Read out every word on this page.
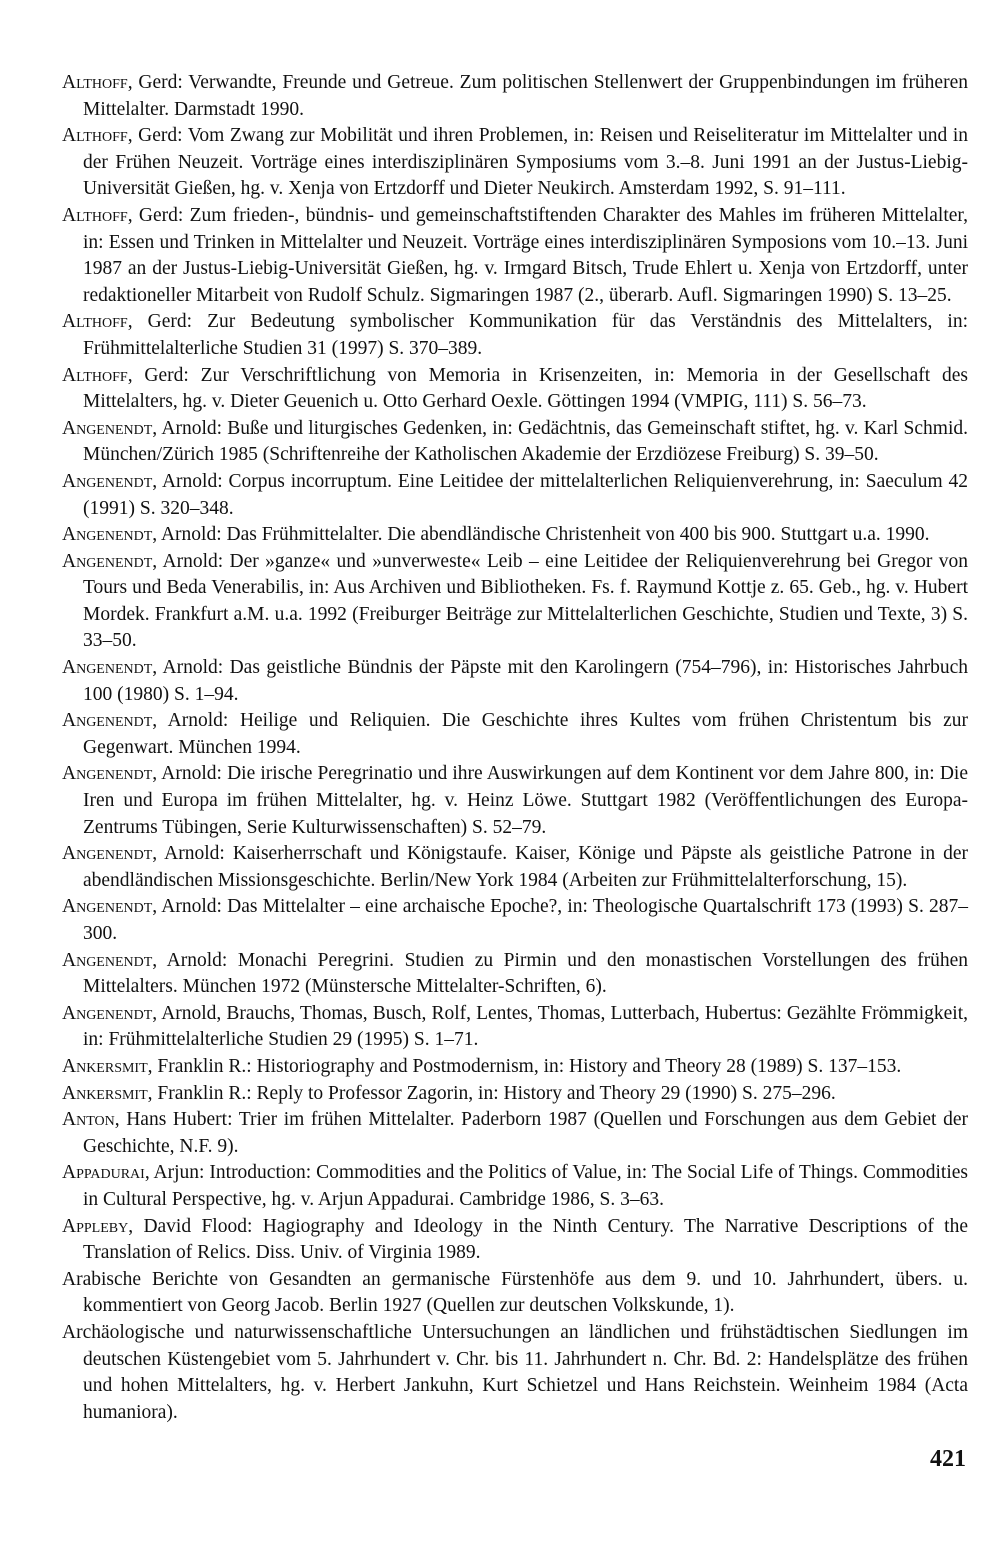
Althoff, Gerd: Verwandte, Freunde und Getreue. Zum politischen Stellenwert der Gruppenbindungen im früheren Mittelalter. Darmstadt 1990.

Althoff, Gerd: Vom Zwang zur Mobilität und ihren Problemen, in: Reisen und Reiseliteratur im Mittelalter und in der Frühen Neuzeit. Vorträge eines interdisziplinären Symposiums vom 3.–8. Juni 1991 an der Justus-Liebig-Universität Gießen, hg. v. Xenja von Ertzdorff und Dieter Neukirch. Amsterdam 1992, S. 91–111.

Althoff, Gerd: Zum frieden-, bündnis- und gemeinschaftstiftenden Charakter des Mahles im früheren Mittelalter, in: Essen und Trinken in Mittelalter und Neuzeit. Vorträge eines interdisziplinären Symposions vom 10.–13. Juni 1987 an der Justus-Liebig-Universität Gießen, hg. v. Irmgard Bitsch, Trude Ehlert u. Xenja von Ertzdorff, unter redaktioneller Mitarbeit von Rudolf Schulz. Sigmaringen 1987 (2., überarb. Aufl. Sigmaringen 1990) S. 13–25.

Althoff, Gerd: Zur Bedeutung symbolischer Kommunikation für das Verständnis des Mittelalters, in: Frühmittelalterliche Studien 31 (1997) S. 370–389.

Althoff, Gerd: Zur Verschriftlichung von Memoria in Krisenzeiten, in: Memoria in der Gesellschaft des Mittelalters, hg. v. Dieter Geuenich u. Otto Gerhard Oexle. Göttingen 1994 (VMPIG, 111) S. 56–73.

Angenendt, Arnold: Buße und liturgisches Gedenken, in: Gedächtnis, das Gemeinschaft stiftet, hg. v. Karl Schmid. München/Zürich 1985 (Schriftenreihe der Katholischen Akademie der Erzdiözese Freiburg) S. 39–50.

Angenendt, Arnold: Corpus incorruptum. Eine Leitidee der mittelalterlichen Reliquienverehrung, in: Saeculum 42 (1991) S. 320–348.

Angenendt, Arnold: Das Frühmittelalter. Die abendländische Christenheit von 400 bis 900. Stuttgart u.a. 1990.

Angenendt, Arnold: Der »ganze« und »unverweste« Leib – eine Leitidee der Reliquienverehrung bei Gregor von Tours und Beda Venerabilis, in: Aus Archiven und Bibliotheken. Fs. f. Raymund Kottje z. 65. Geb., hg. v. Hubert Mordek. Frankfurt a.M. u.a. 1992 (Freiburger Beiträge zur Mittelalterlichen Geschichte, Studien und Texte, 3) S. 33–50.

Angenendt, Arnold: Das geistliche Bündnis der Päpste mit den Karolingern (754–796), in: Historisches Jahrbuch 100 (1980) S. 1–94.

Angenendt, Arnold: Heilige und Reliquien. Die Geschichte ihres Kultes vom frühen Christentum bis zur Gegenwart. München 1994.

Angenendt, Arnold: Die irische Peregrinatio und ihre Auswirkungen auf dem Kontinent vor dem Jahre 800, in: Die Iren und Europa im frühen Mittelalter, hg. v. Heinz Löwe. Stuttgart 1982 (Veröffentlichungen des Europa-Zentrums Tübingen, Serie Kulturwissenschaften) S. 52–79.

Angenendt, Arnold: Kaiserherrschaft und Königstaufe. Kaiser, Könige und Päpste als geistliche Patrone in der abendländischen Missionsgeschichte. Berlin/New York 1984 (Arbeiten zur Frühmittelalterforschung, 15).

Angenendt, Arnold: Das Mittelalter – eine archaische Epoche?, in: Theologische Quartalschrift 173 (1993) S. 287–300.

Angenendt, Arnold: Monachi Peregrini. Studien zu Pirmin und den monastischen Vorstellungen des frühen Mittelalters. München 1972 (Münstersche Mittelalter-Schriften, 6).

Angenendt, Arnold, Brauchs, Thomas, Busch, Rolf, Lentes, Thomas, Lutterbach, Hubertus: Gezählte Frömmigkeit, in: Frühmittelalterliche Studien 29 (1995) S. 1–71.

Ankersmit, Franklin R.: Historiography and Postmodernism, in: History and Theory 28 (1989) S. 137–153.

Ankersmit, Franklin R.: Reply to Professor Zagorin, in: History and Theory 29 (1990) S. 275–296.

Anton, Hans Hubert: Trier im frühen Mittelalter. Paderborn 1987 (Quellen und Forschungen aus dem Gebiet der Geschichte, N.F. 9).

Appadurai, Arjun: Introduction: Commodities and the Politics of Value, in: The Social Life of Things. Commodities in Cultural Perspective, hg. v. Arjun Appadurai. Cambridge 1986, S. 3–63.

Appleby, David Flood: Hagiography and Ideology in the Ninth Century. The Narrative Descriptions of the Translation of Relics. Diss. Univ. of Virginia 1989.

Arabische Berichte von Gesandten an germanische Fürstenhöfe aus dem 9. und 10. Jahrhundert, übers. u. kommentiert von Georg Jacob. Berlin 1927 (Quellen zur deutschen Volkskunde, 1).

Archäologische und naturwissenschaftliche Untersuchungen an ländlichen und frühstädtischen Siedlungen im deutschen Küstengebiet vom 5. Jahrhundert v. Chr. bis 11. Jahrhundert n. Chr. Bd. 2: Handelsplätze des frühen und hohen Mittelalters, hg. v. Herbert Jankuhn, Kurt Schietzel und Hans Reichstein. Weinheim 1984 (Acta humaniora).

421
